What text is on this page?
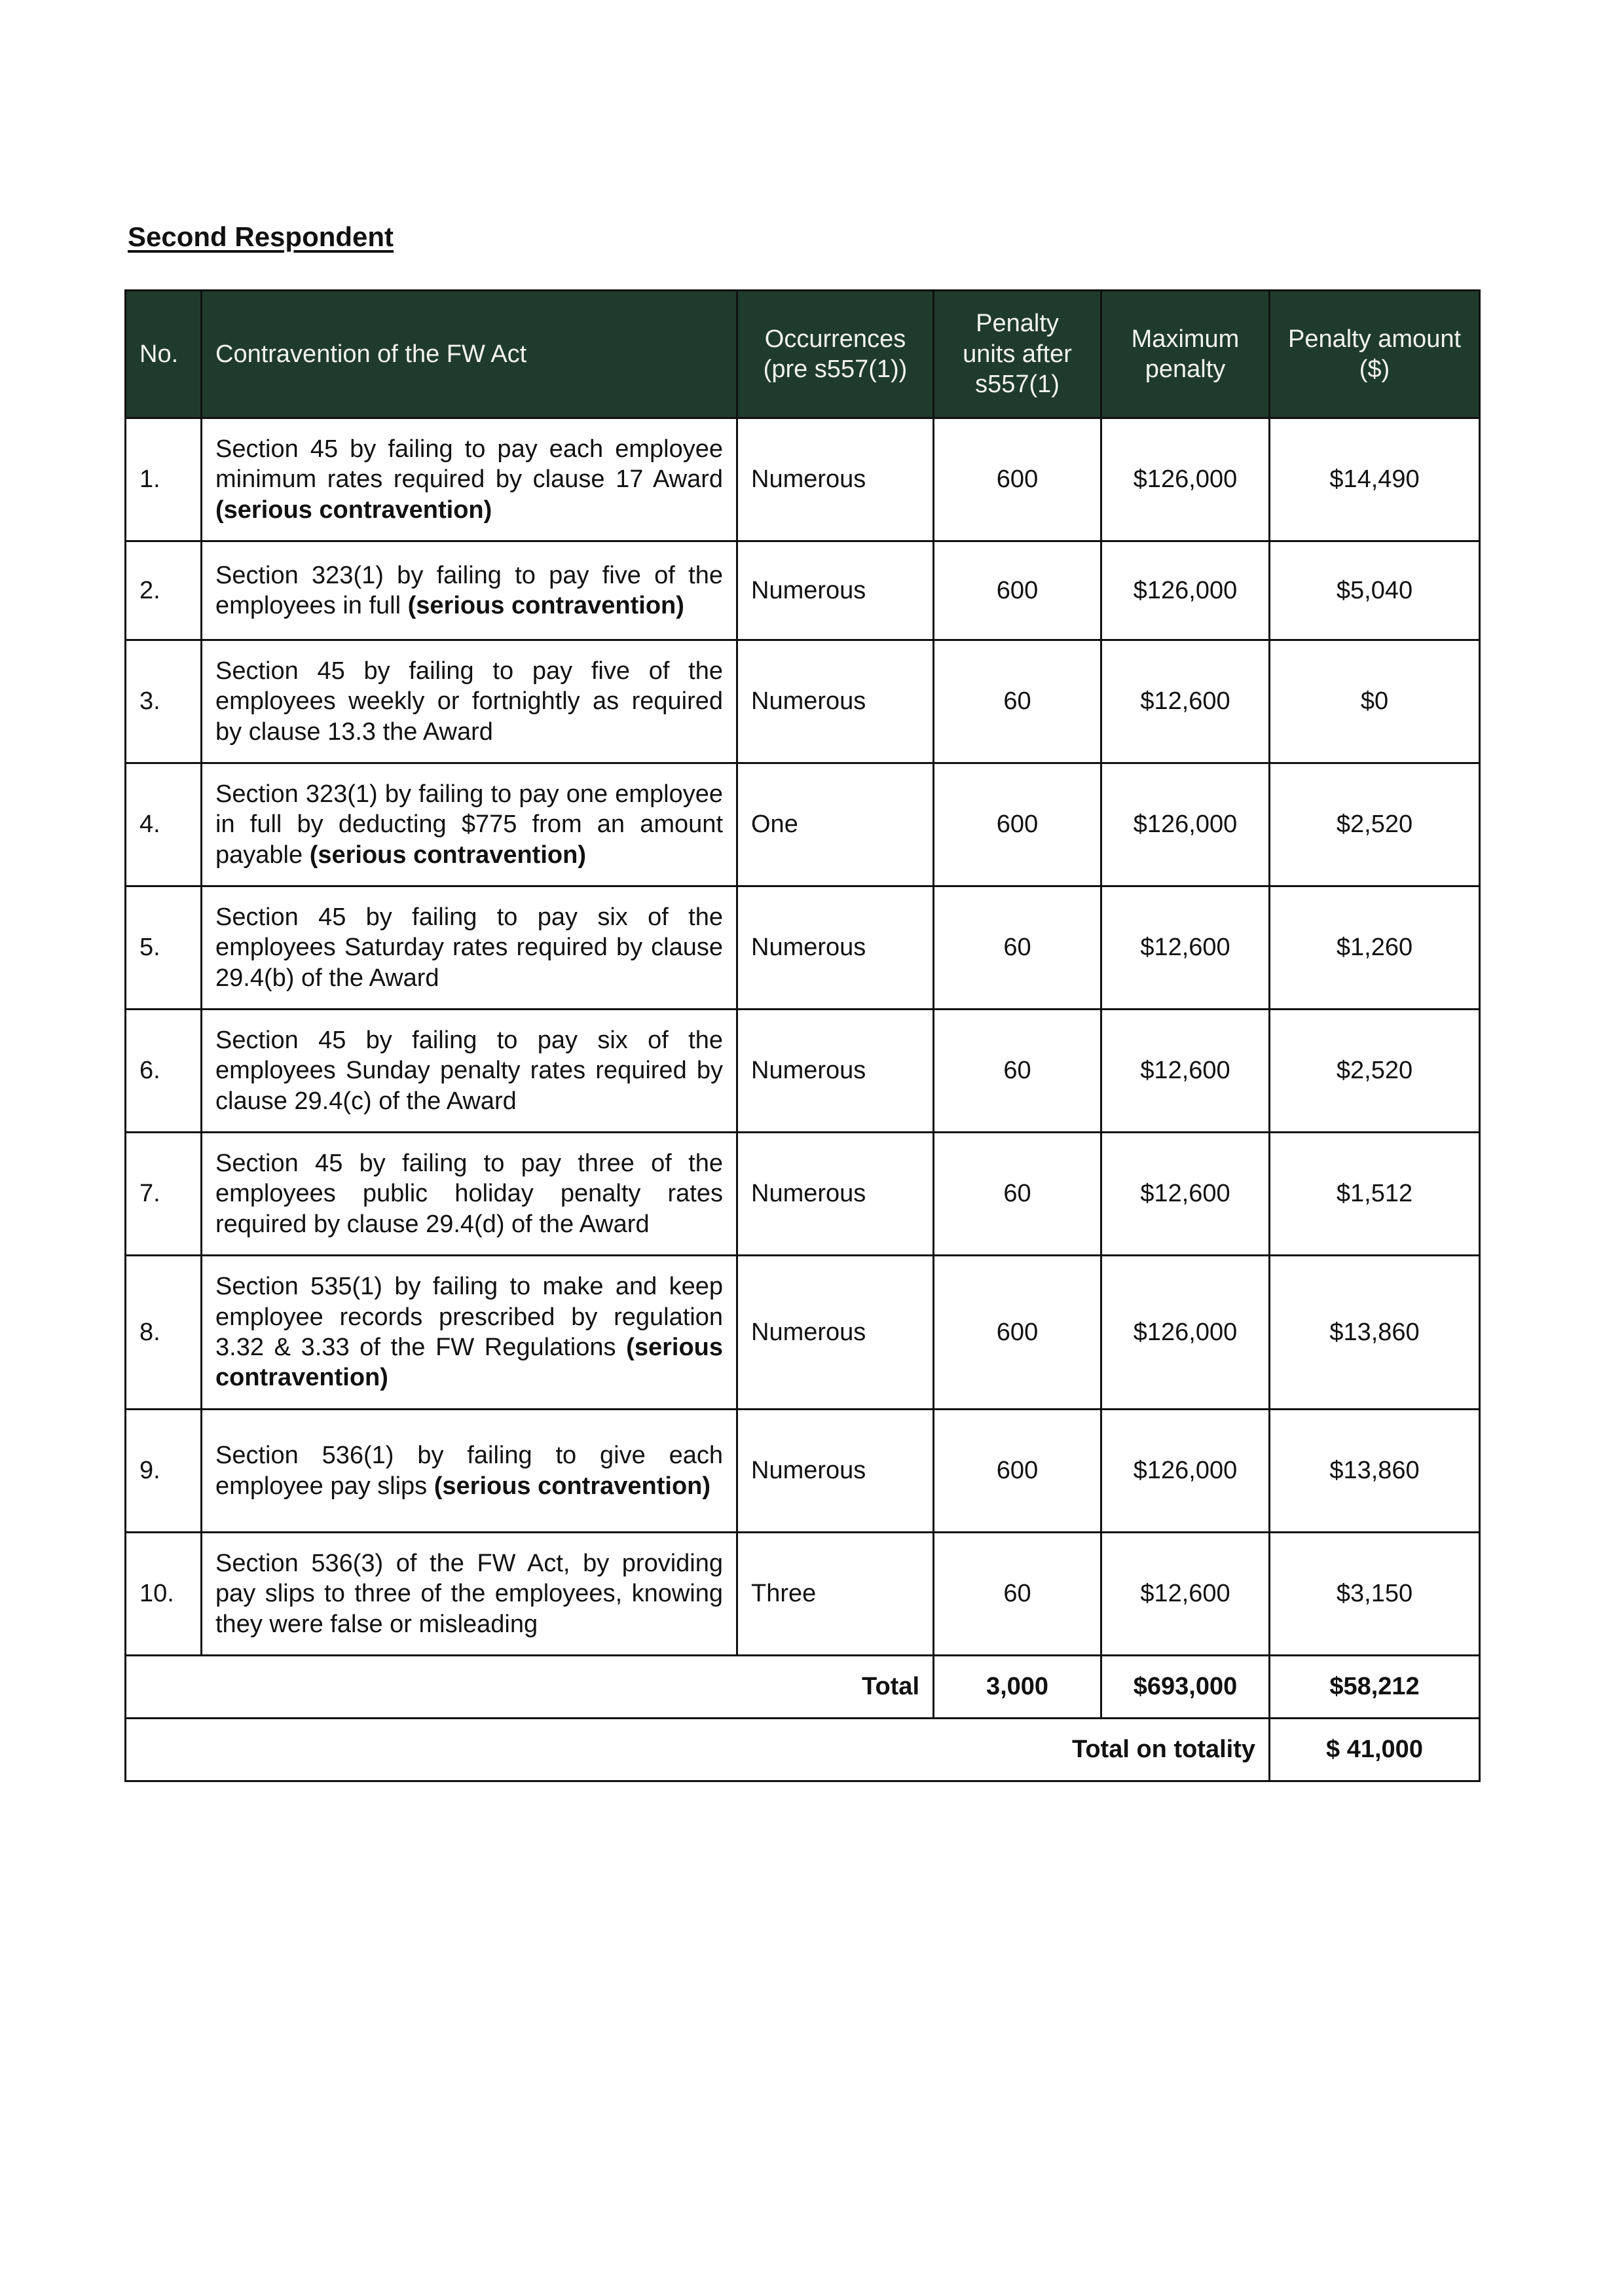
Second Respondent
No.	Contravention of the FW Act	Occurrences (pre s557(1))	Penalty units after s557(1)	Maximum penalty	Penalty amount ($)
1.	Section 45 by failing to pay each employee minimum rates required by clause 17 Award (serious contravention)	Numerous	600	$126,000	$14,490
2.	Section 323(1) by failing to pay five of the employees in full (serious contravention)	Numerous	600	$126,000	$5,040
3.	Section 45 by failing to pay five of the employees weekly or fortnightly as required by clause 13.3 the Award	Numerous	60	$12,600	$0
4.	Section 323(1) by failing to pay one employee in full by deducting $775 from an amount payable (serious contravention)	One	600	$126,000	$2,520
5.	Section 45 by failing to pay six of the employees Saturday rates required by clause 29.4(b) of the Award	Numerous	60	$12,600	$1,260
6.	Section 45 by failing to pay six of the employees Sunday penalty rates required by clause 29.4(c) of the Award	Numerous	60	$12,600	$2,520
7.	Section 45 by failing to pay three of the employees public holiday penalty rates required by clause 29.4(d) of the Award	Numerous	60	$12,600	$1,512
8.	Section 535(1) by failing to make and keep employee records prescribed by regulation 3.32 & 3.33 of the FW Regulations (serious contravention)	Numerous	600	$126,000	$13,860
9.	Section 536(1) by failing to give each employee pay slips (serious contravention)	Numerous	600	$126,000	$13,860
10.	Section 536(3) of the FW Act, by providing pay slips to three of the employees, knowing they were false or misleading	Three	60	$12,600	$3,150
Total			3,000	$693,000	$58,212
Total on totality					$ 41,000
